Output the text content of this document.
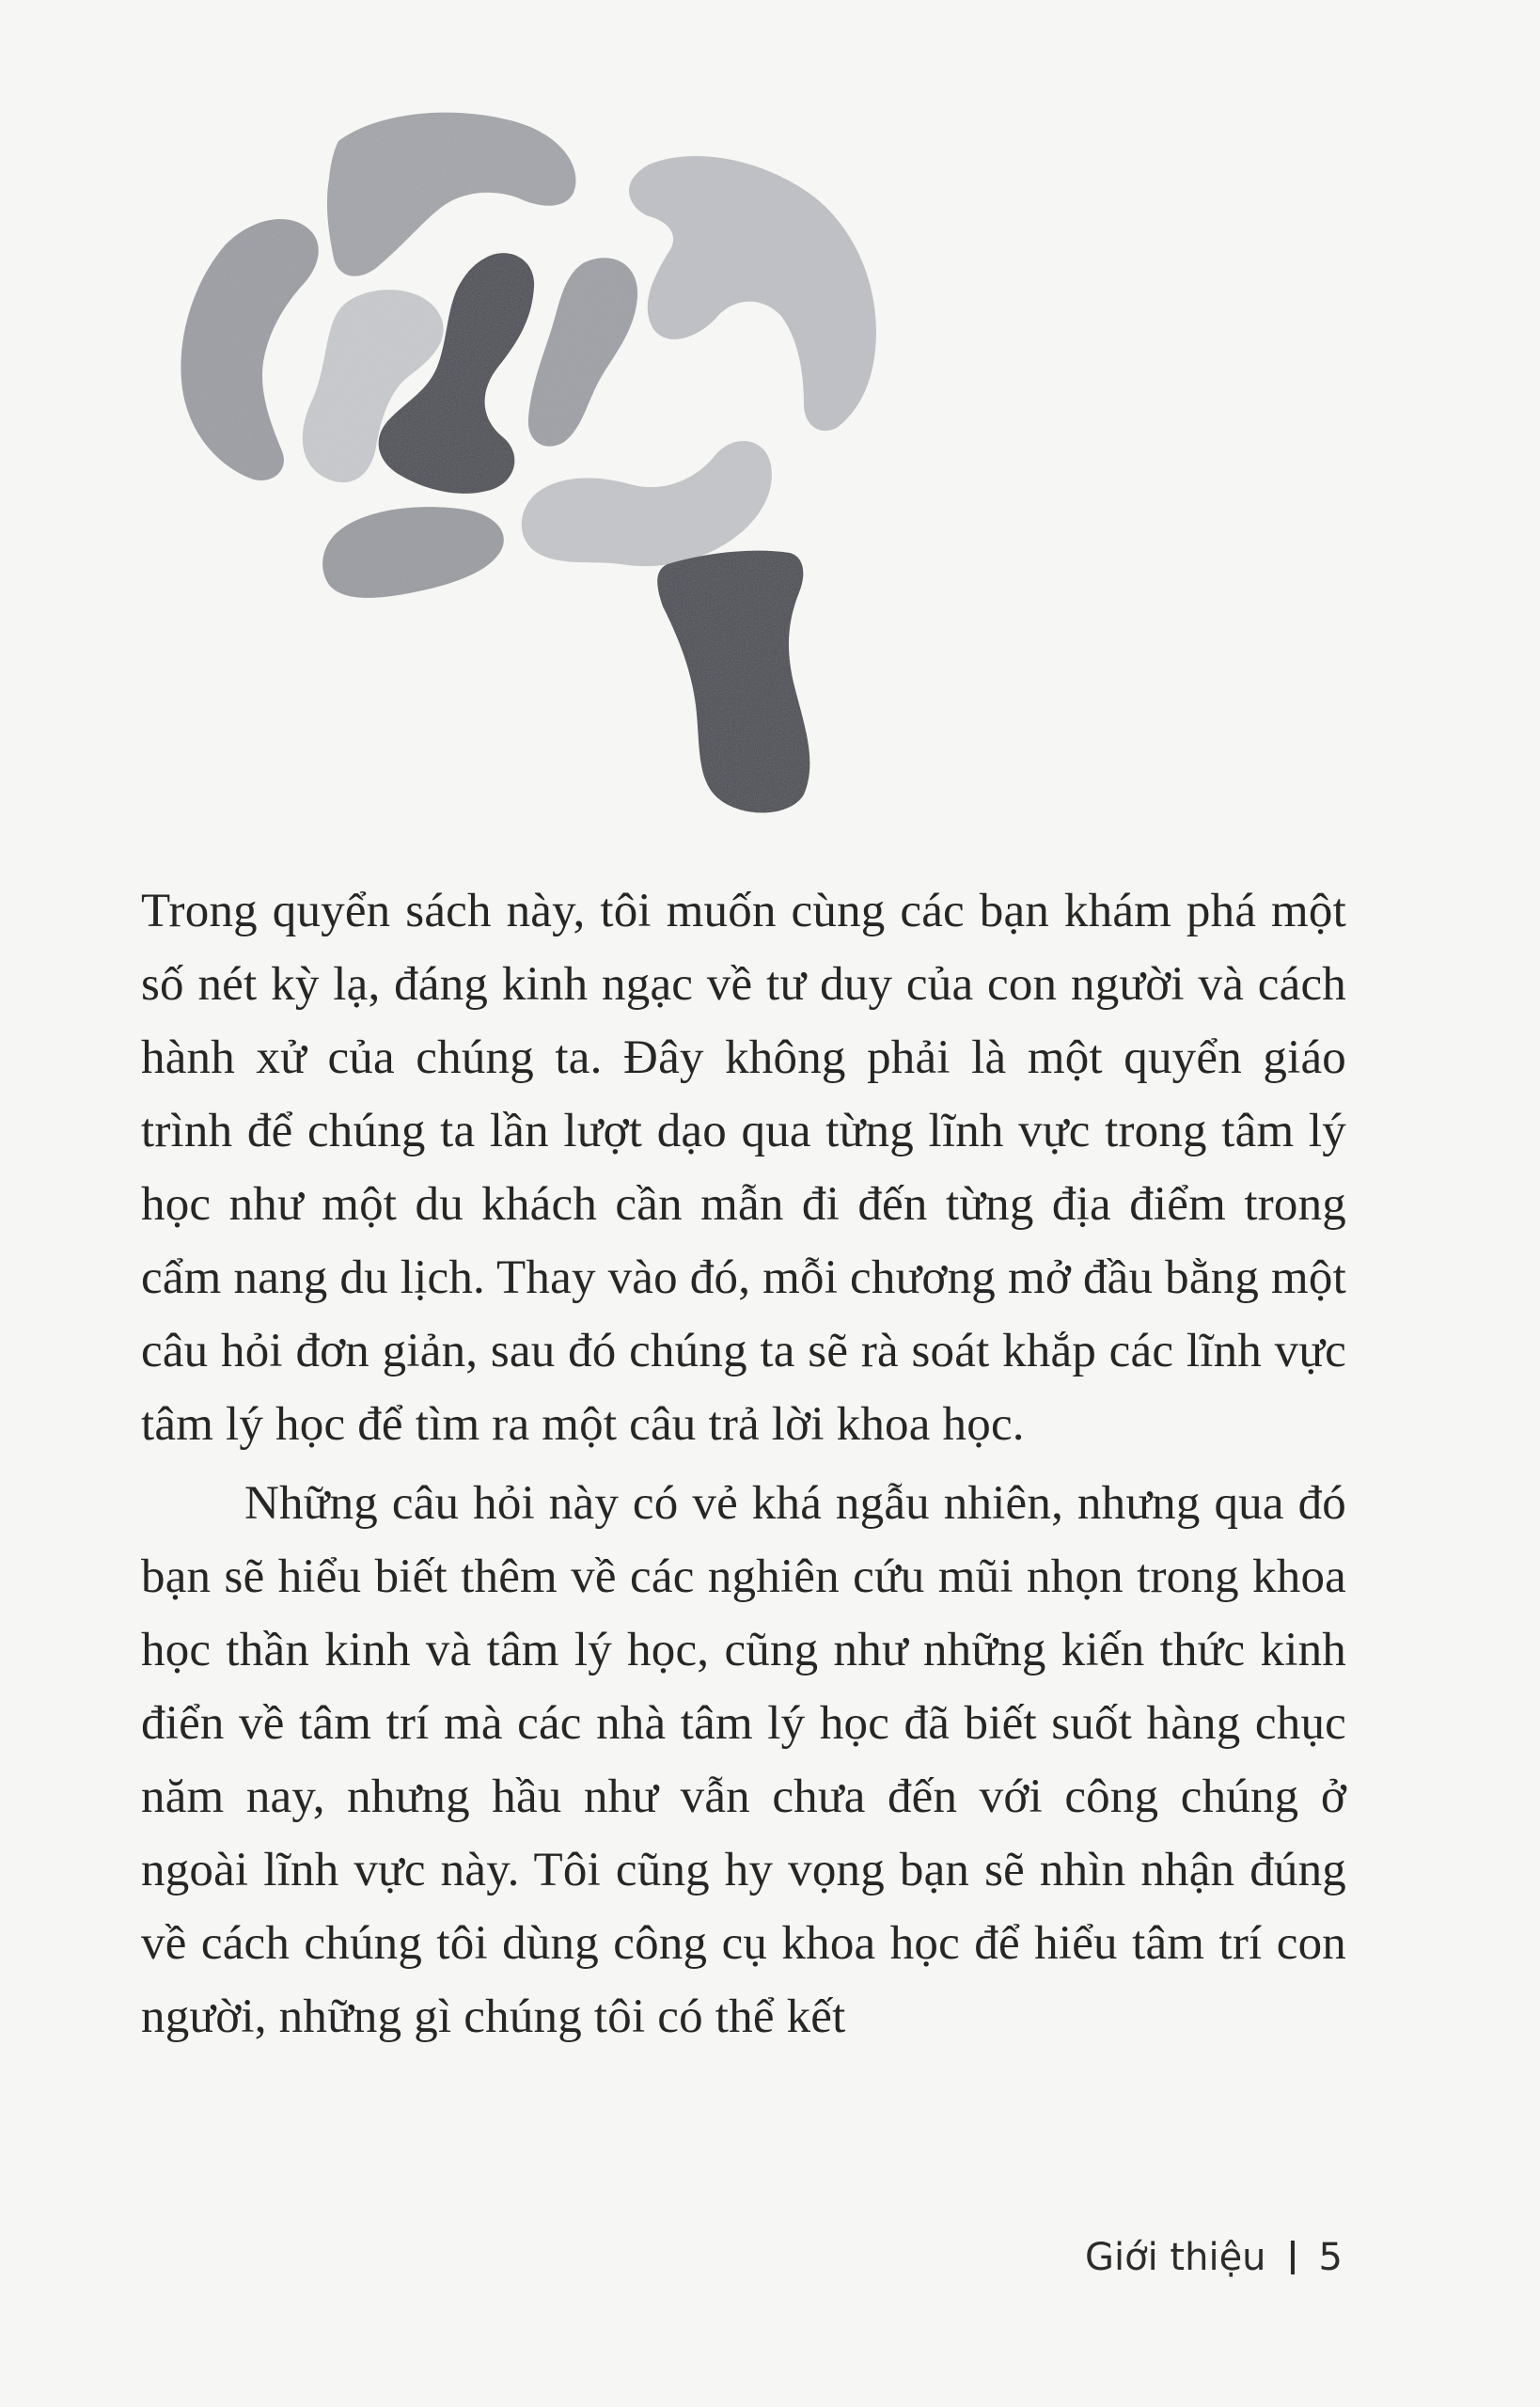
Trong quyển sách này, tôi muốn cùng các bạn khám phá một số nét kỳ lạ, đáng kinh ngạc về tư duy của con người và cách hành xử của chúng ta. Đây không phải là một quyển giáo trình để chúng ta lần lượt dạo qua từng lĩnh vực trong tâm lý học như một du khách cần mẫn đi đến từng địa điểm trong cẩm nang du lịch. Thay vào đó, mỗi chương mở đầu bằng một câu hỏi đơn giản, sau đó chúng ta sẽ rà soát khắp các lĩnh vực tâm lý học để tìm ra một câu trả lời khoa học.

Những câu hỏi này có vẻ khá ngẫu nhiên, nhưng qua đó bạn sẽ hiểu biết thêm về các nghiên cứu mũi nhọn trong khoa học thần kinh và tâm lý học, cũng như những kiến thức kinh điển về tâm trí mà các nhà tâm lý học đã biết suốt hàng chục năm nay, nhưng hầu như vẫn chưa đến với công chúng ở ngoài lĩnh vực này. Tôi cũng hy vọng bạn sẽ nhìn nhận đúng về cách chúng tôi dùng công cụ khoa học để hiểu tâm trí con người, những gì chúng tôi có thể kết

Giới thiệu 5
